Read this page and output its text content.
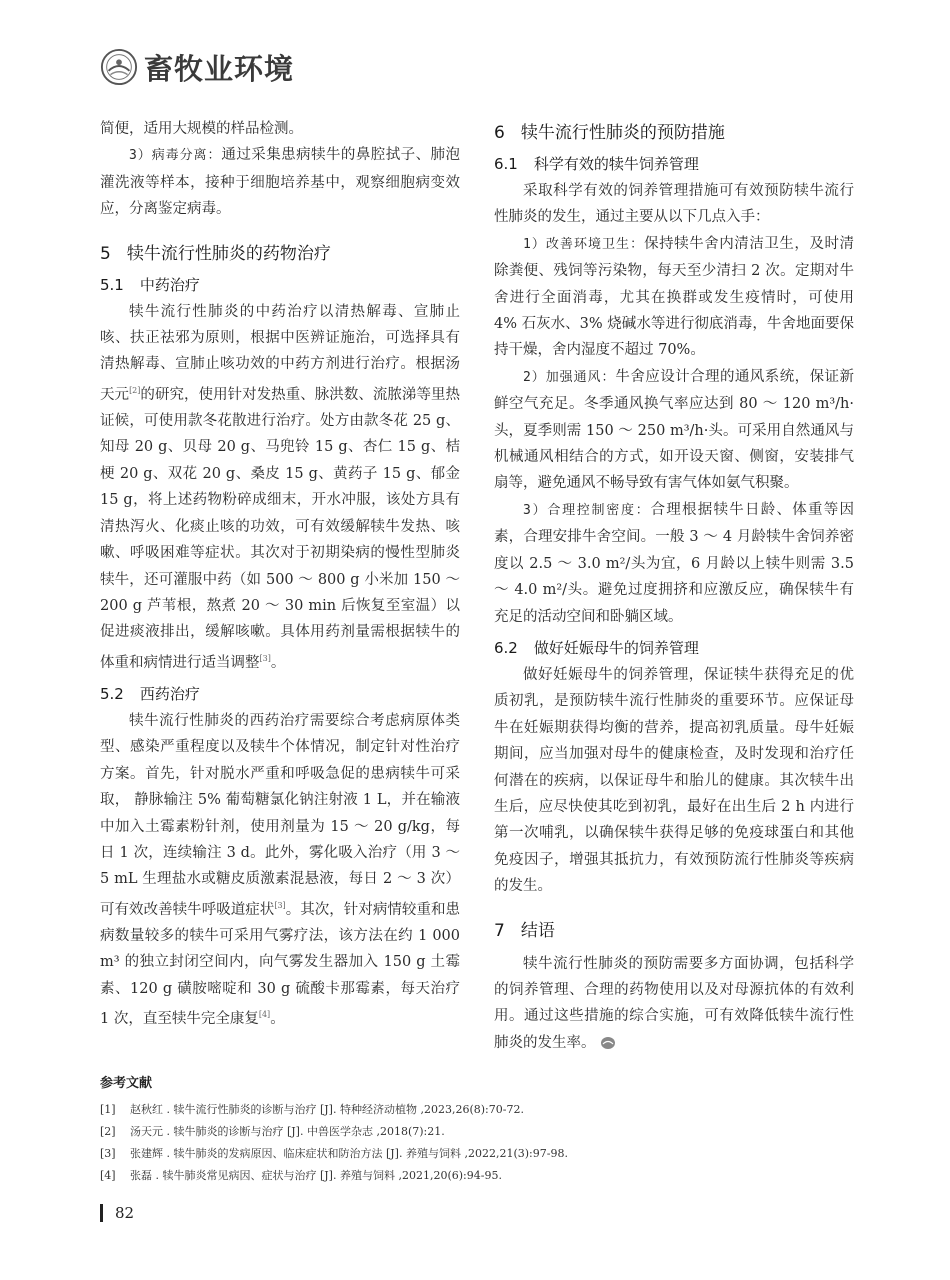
畜牧业环境

简便，适用大规模的样品检测。

3）病毒分离：通过采集患病犊牛的鼻腔拭子、肺泡灌洗液等样本，接种于细胞培养基中，观察细胞病变效应，分离鉴定病毒。

5 犊牛流行性肺炎的药物治疗
5.1 中药治疗

犊牛流行性肺炎的中药治疗以清热解毒、宣肺止咳、扶正祛邪为原则，根据中医辨证施治，可选择具有清热解毒、宣肺止咳功效的中药方剂进行治疗。根据汤天元[2]的研究，使用针对发热重、脉洪数、流脓涕等里热证候，可使用款冬花散进行治疗。处方由款冬花 25 g、知母 20 g、贝母 20 g、马兜铃 15 g、杏仁 15 g、桔梗 20 g、双花 20 g、桑皮 15 g、黄药子 15 g、郁金 15 g，将上述药物粉碎成细末，开水冲服，该处方具有清热泻火、化痰止咳的功效，可有效缓解犊牛发热、咳嗽、呼吸困难等症状。其次对于初期染病的慢性型肺炎犊牛，还可灌服中药（如 500 ～ 800 g 小米加 150 ～ 200 g 芦苇根，熬煮 20 ～ 30 min 后恢复至室温）以促进痰液排出，缓解咳嗽。具体用药剂量需根据犊牛的体重和病情进行适当调整[3]。

5.2 西药治疗

犊牛流行性肺炎的西药治疗需要综合考虑病原体类型、感染严重程度以及犊牛个体情况，制定针对性治疗方案。首先，针对脱水严重和呼吸急促的患病犊牛可采取， 静脉输注 5% 葡萄糖氯化钠注射液 1 L，并在输液中加入土霉素粉针剂，使用剂量为 15 ～ 20 g/kg，每日 1 次，连续输注 3 d。此外，雾化吸入治疗（用 3 ～ 5 mL 生理盐水或糖皮质激素混悬液，每日 2 ～ 3 次）可有效改善犊牛呼吸道症状[3]。其次，针对病情较重和患病数量较多的犊牛可采用气雾疗法，该方法在约 1 000 m³ 的独立封闭空间内，向气雾发生器加入 150 g 土霉素、120 g 磺胺嘧啶和 30 g 硫酸卡那霉素，每天治疗 1 次，直至犊牛完全康复[4]。

6 犊牛流行性肺炎的预防措施
6.1 科学有效的犊牛饲养管理

采取科学有效的饲养管理措施可有效预防犊牛流行性肺炎的发生，通过主要从以下几点入手：

1）改善环境卫生：保持犊牛舍内清洁卫生，及时清除粪便、残饲等污染物，每天至少清扫 2 次。定期对牛舍进行全面消毒，尤其在换群或发生疫情时，可使用 4% 石灰水、3% 烧碱水等进行彻底消毒，牛舍地面要保持干燥，舍内湿度不超过 70%。

2）加强通风：牛舍应设计合理的通风系统，保证新鲜空气充足。冬季通风换气率应达到 80 ～ 120 m³/h·头，夏季则需 150 ～ 250 m³/h·头。可采用自然通风与机械通风相结合的方式，如开设天窗、侧窗，安装排气扇等，避免通风不畅导致有害气体如氨气积聚。

3）合理控制密度：合理根据犊牛日龄、体重等因素，合理安排牛舍空间。一般 3 ～ 4 月龄犊牛舍饲养密度以 2.5 ～ 3.0 m²/头为宜，6 月龄以上犊牛则需 3.5 ～ 4.0 m²/头。避免过度拥挤和应激反应，确保犊牛有充足的活动空间和卧躺区域。

6.2 做好妊娠母牛的饲养管理

做好妊娠母牛的饲养管理，保证犊牛获得充足的优质初乳，是预防犊牛流行性肺炎的重要环节。应保证母牛在妊娠期获得均衡的营养，提高初乳质量。母牛妊娠期间，应当加强对母牛的健康检查，及时发现和治疗任何潜在的疾病，以保证母牛和胎儿的健康。其次犊牛出生后，应尽快使其吃到初乳，最好在出生后 2 h 内进行第一次哺乳，以确保犊牛获得足够的免疫球蛋白和其他免疫因子，增强其抵抗力，有效预防流行性肺炎等疾病的发生。

7 结语

犊牛流行性肺炎的预防需要多方面协调，包括科学的饲养管理、合理的药物使用以及对母源抗体的有效利用。通过这些措施的综合实施，可有效降低犊牛流行性肺炎的发生率。

参考文献
[1] 赵秋红 . 犊牛流行性肺炎的诊断与治疗 [J]. 特种经济动植物 ,2023,26(8):70-72.
[2] 汤天元 . 犊牛肺炎的诊断与治疗 [J]. 中兽医学杂志 ,2018(7):21.
[3] 张建辉 . 犊牛肺炎的发病原因、临床症状和防治方法 [J]. 养殖与饲料 ,2022,21(3):97-98.
[4] 张磊 . 犊牛肺炎常见病因、症状与治疗 [J]. 养殖与饲料 ,2021,20(6):94-95.
82
